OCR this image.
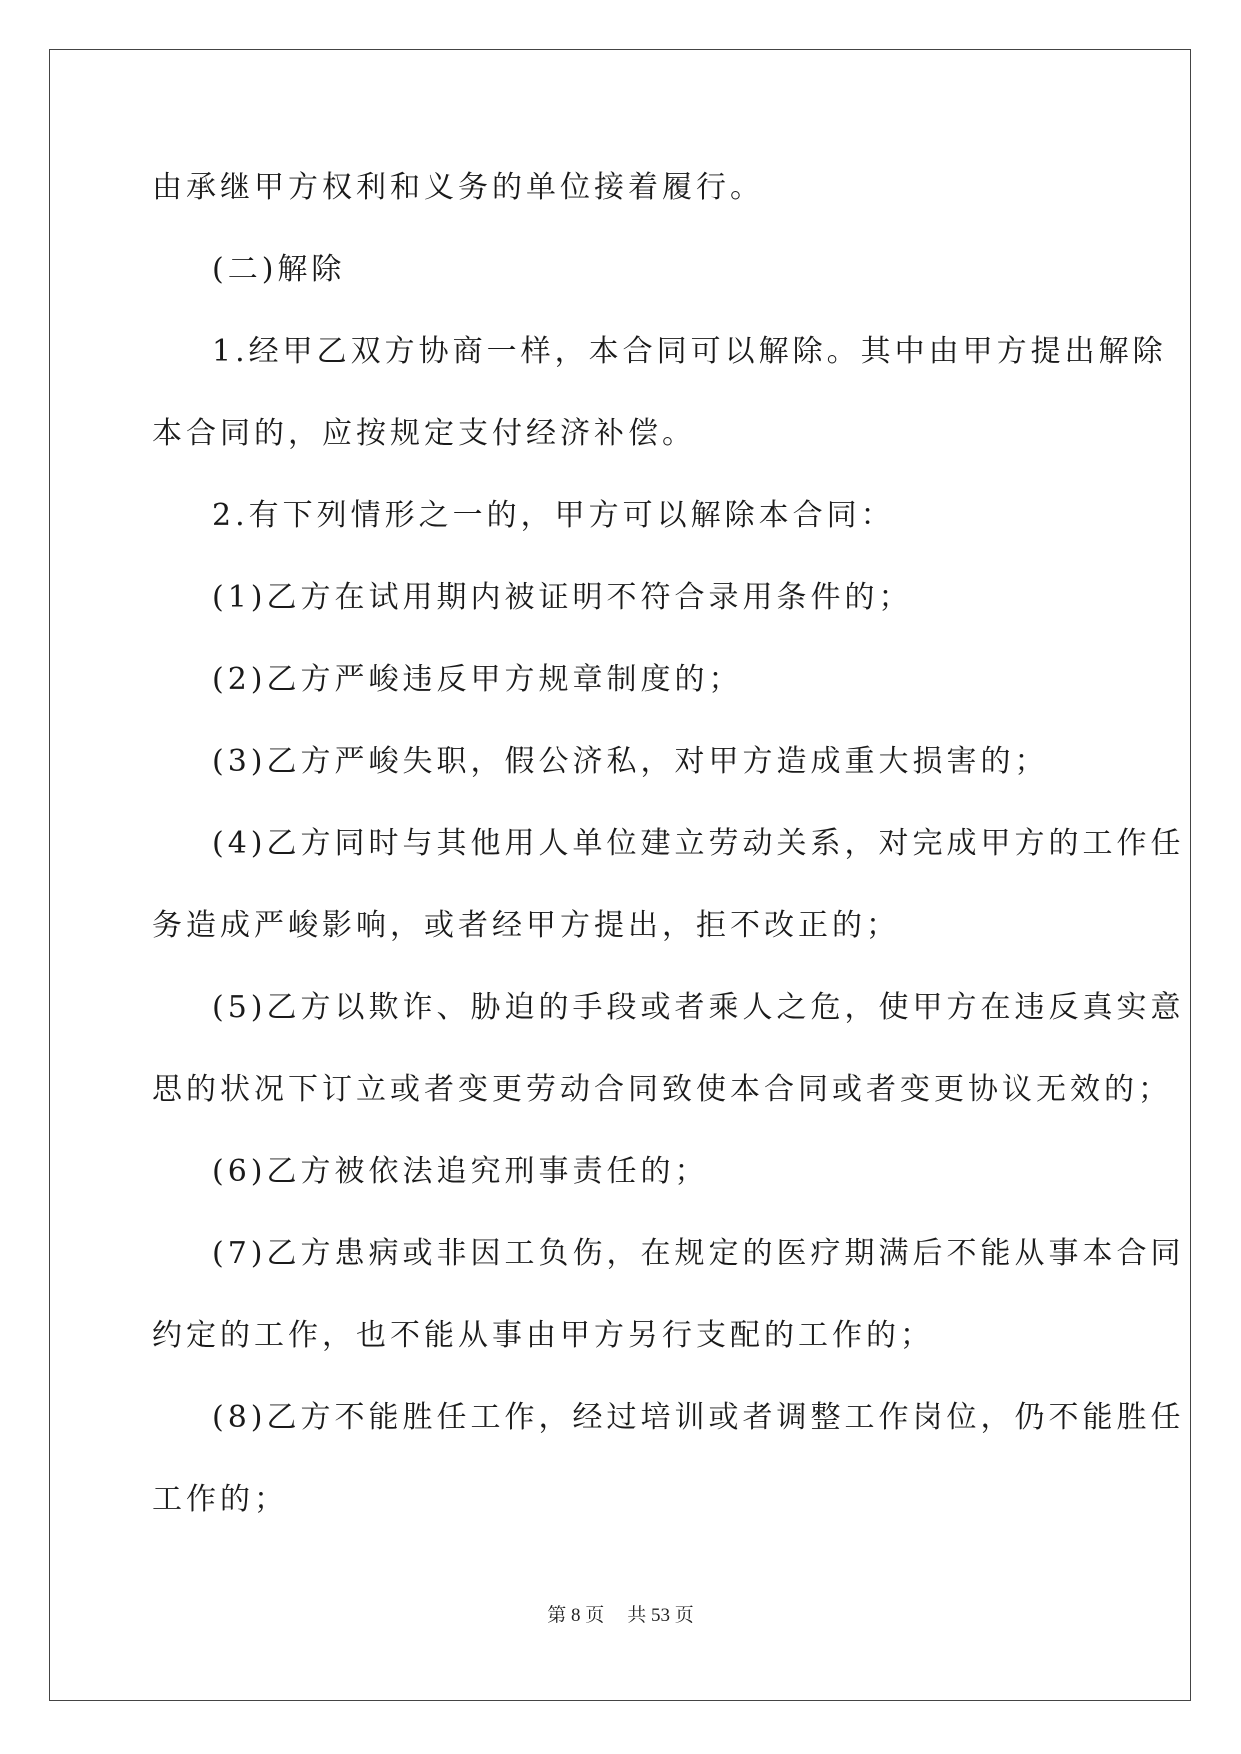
由承继甲方权利和义务的单位接着履行。
(二)解除
1.经甲乙双方协商一样，本合同可以解除。其中由甲方提出解除
本合同的，应按规定支付经济补偿。
2.有下列情形之一的，甲方可以解除本合同：
(1)乙方在试用期内被证明不符合录用条件的；
(2)乙方严峻违反甲方规章制度的；
(3)乙方严峻失职，假公济私，对甲方造成重大损害的；
(4)乙方同时与其他用人单位建立劳动关系，对完成甲方的工作任
务造成严峻影响，或者经甲方提出，拒不改正的；
(5)乙方以欺诈、胁迫的手段或者乘人之危，使甲方在违反真实意
思的状况下订立或者变更劳动合同致使本合同或者变更协议无效的；
(6)乙方被依法追究刑事责任的；
(7)乙方患病或非因工负伤，在规定的医疗期满后不能从事本合同
约定的工作，也不能从事由甲方另行支配的工作的；
(8)乙方不能胜任工作，经过培训或者调整工作岗位，仍不能胜任
工作的；
第 8 页 共 53 页
